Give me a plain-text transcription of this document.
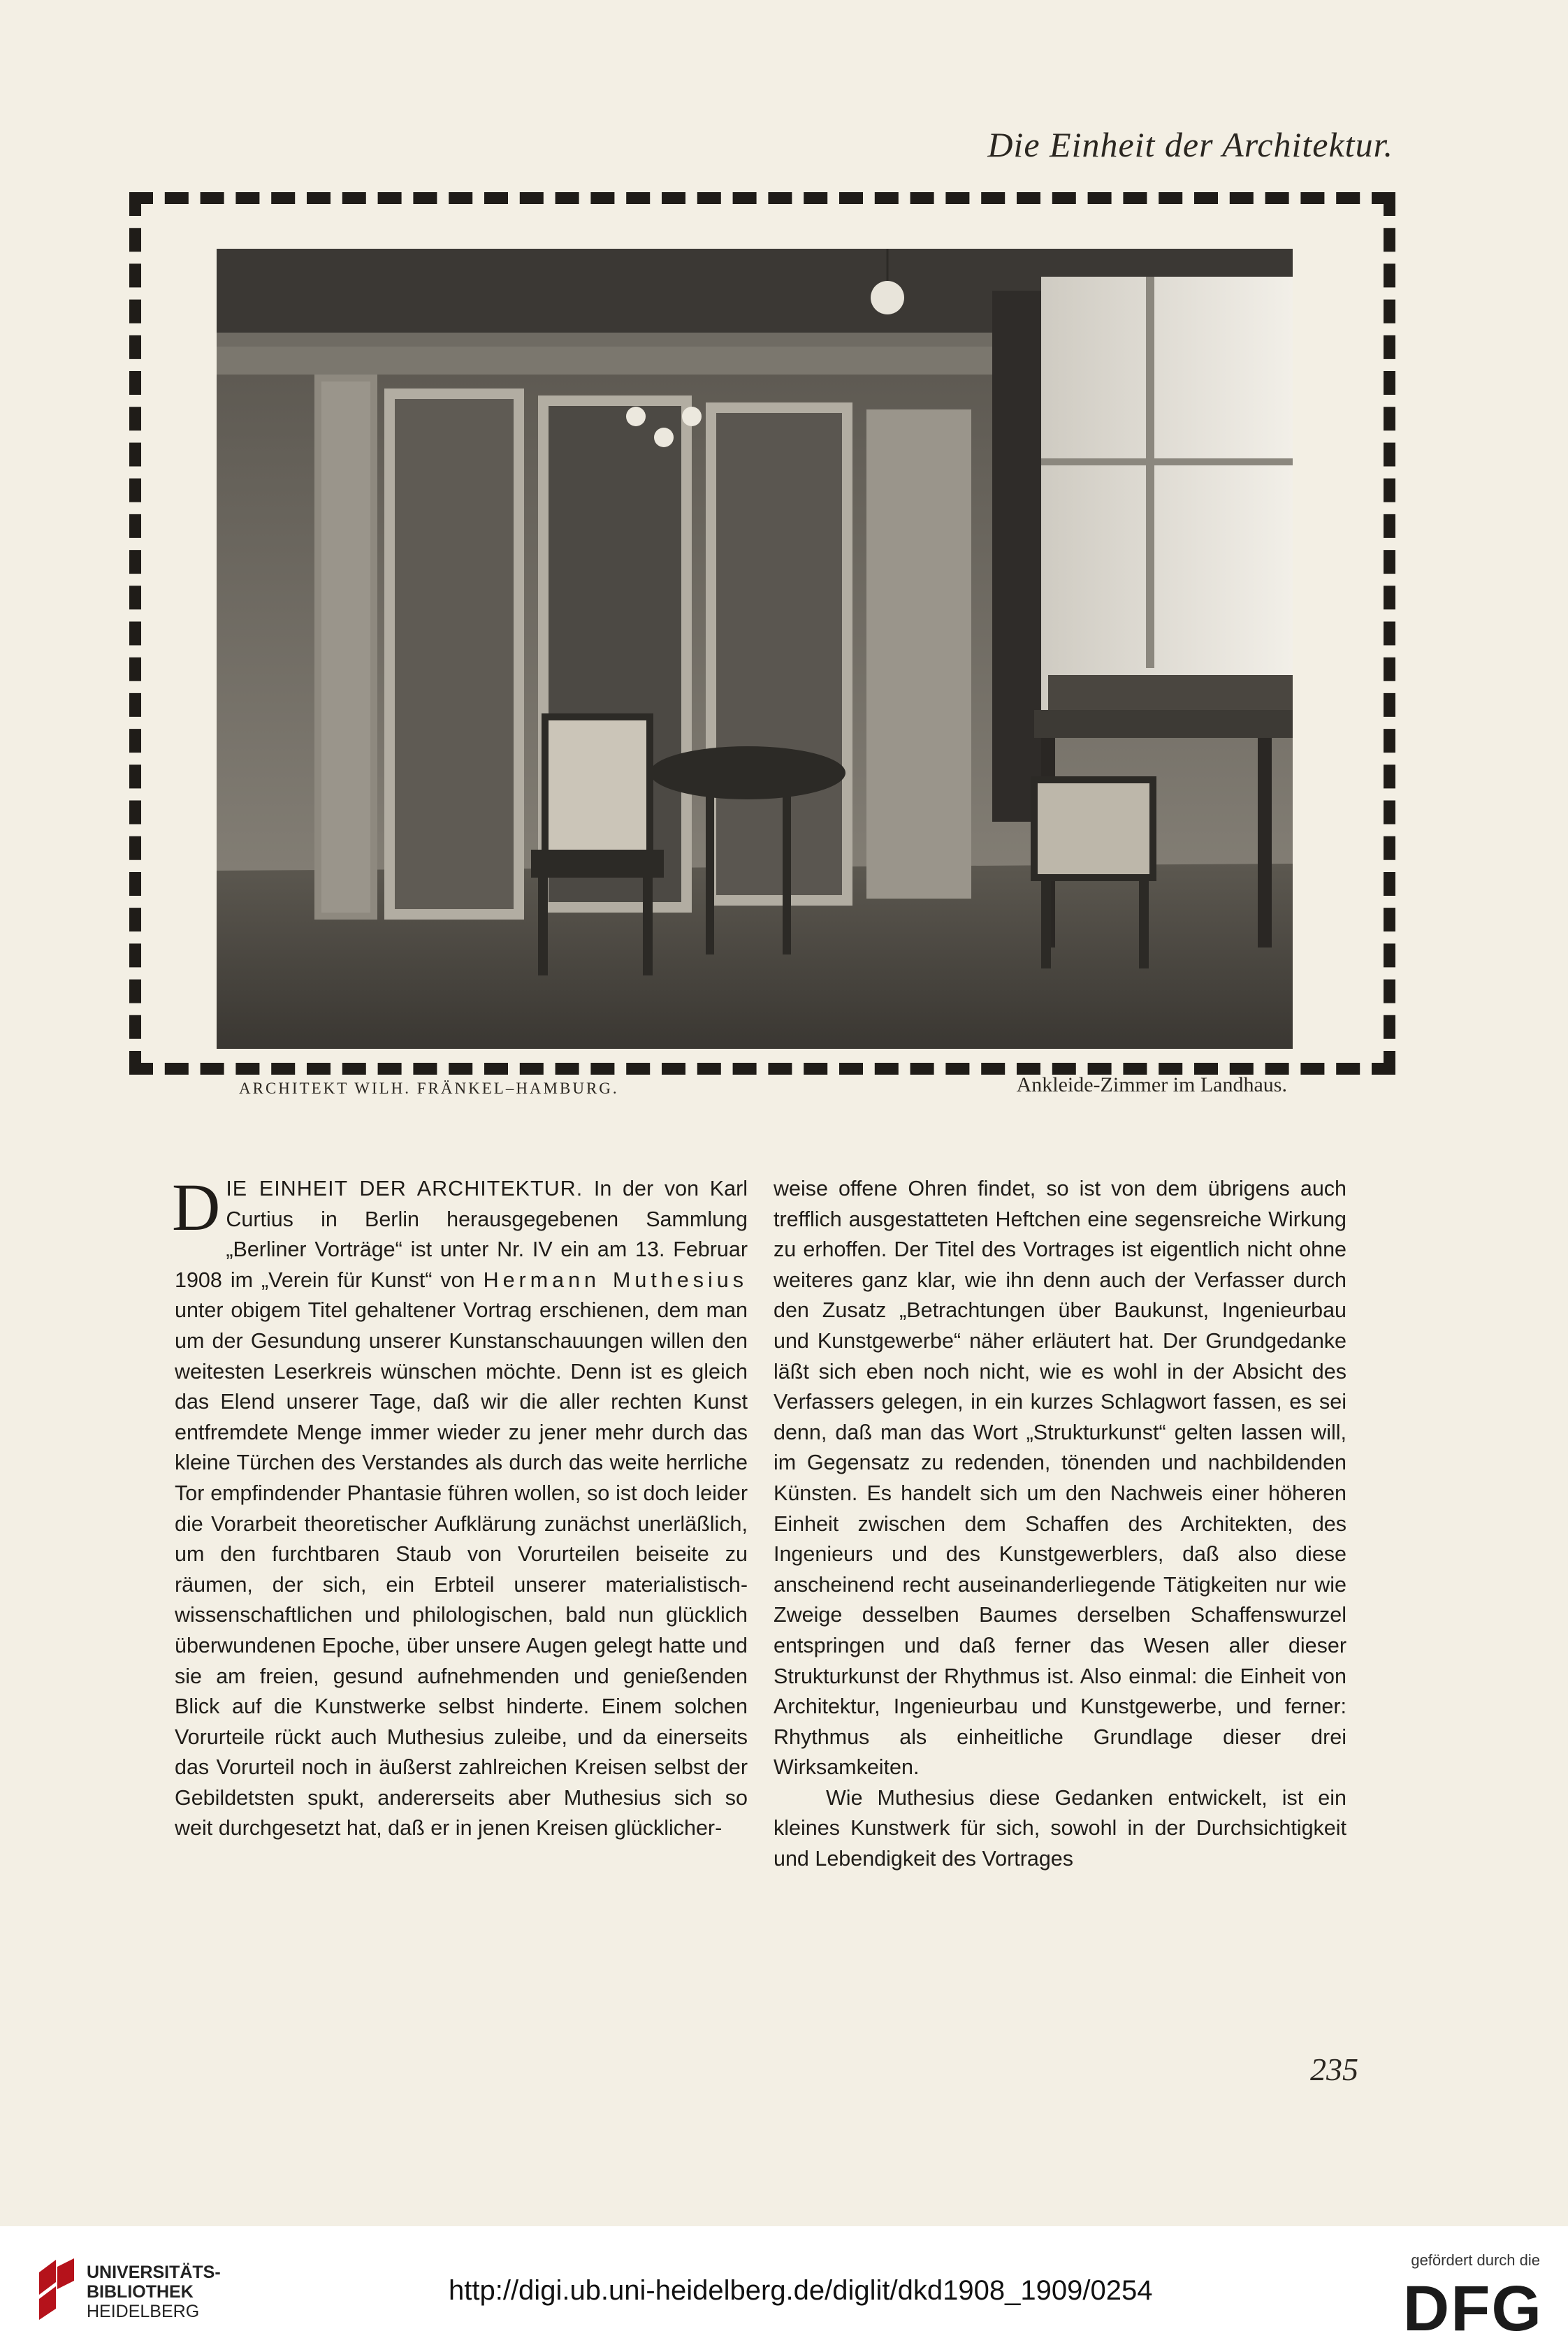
Die Einheit der Architektur.
ARCHITEKT WILH. FRÄNKEL–HAMBURG.	Ankleide-Zimmer im Landhaus.

DIE EINHEIT DER ARCHITEKTUR. In der von Karl Curtius in Berlin herausgegebenen Sammlung „Berliner Vorträge“ ist unter Nr. IV ein am 13. Februar 1908 im „Verein für Kunst“ von Hermann Muthesius unter obigem Titel gehaltener Vortrag erschienen, dem man um der Gesundung unserer Kunstanschauungen willen den weitesten Leserkreis wünschen möchte. Denn ist es gleich das Elend unserer Tage, daß wir die aller rechten Kunst entfremdete Menge immer wieder zu jener mehr durch das kleine Türchen des Verstandes als durch das weite herrliche Tor empfindender Phantasie führen wollen, so ist doch leider die Vorarbeit theoretischer Aufklärung zunächst unerläßlich, um den furchtbaren Staub von Vorurteilen beiseite zu räumen, der sich, ein Erbteil unserer materialistisch-wissenschaftlichen und philologischen, bald nun glücklich überwundenen Epoche, über unsere Augen gelegt hatte und sie am freien, gesund aufnehmenden und genießenden Blick auf die Kunstwerke selbst hinderte. Einem solchen Vorurteile rückt auch Muthesius zuleibe, und da einerseits das Vorurteil noch in äußerst zahlreichen Kreisen selbst der Gebildetsten spukt, andererseits aber Muthesius sich so weit durchgesetzt hat, daß er in jenen Kreisen glücklicher-

weise offene Ohren findet, so ist von dem übrigens auch trefflich ausgestatteten Heftchen eine segensreiche Wirkung zu erhoffen. Der Titel des Vortrages ist eigentlich nicht ohne weiteres ganz klar, wie ihn denn auch der Verfasser durch den Zusatz „Betrachtungen über Baukunst, Ingenieurbau und Kunstgewerbe“ näher erläutert hat. Der Grundgedanke läßt sich eben noch nicht, wie es wohl in der Absicht des Verfassers gelegen, in ein kurzes Schlagwort fassen, es sei denn, daß man das Wort „Strukturkunst“ gelten lassen will, im Gegensatz zu redenden, tönenden und nachbildenden Künsten. Es handelt sich um den Nachweis einer höheren Einheit zwischen dem Schaffen des Architekten, des Ingenieurs und des Kunstgewerblers, daß also diese anscheinend recht auseinanderliegende Tätigkeiten nur wie Zweige desselben Baumes derselben Schaffenswurzel entspringen und daß ferner das Wesen aller dieser Strukturkunst der Rhythmus ist. Also einmal: die Einheit von Architektur, Ingenieurbau und Kunstgewerbe, und ferner: Rhythmus als einheitliche Grundlage dieser drei Wirksamkeiten.

Wie Muthesius diese Gedanken entwickelt, ist ein kleines Kunstwerk für sich, sowohl in der Durchsichtigkeit und Lebendigkeit des Vortrages

235
UNIVERSITÄTS-
BIBLIOTHEK
HEIDELBERG
http://digi.ub.uni-heidelberg.de/diglit/dkd1908_1909/0254
gefördert durch die
DFG
